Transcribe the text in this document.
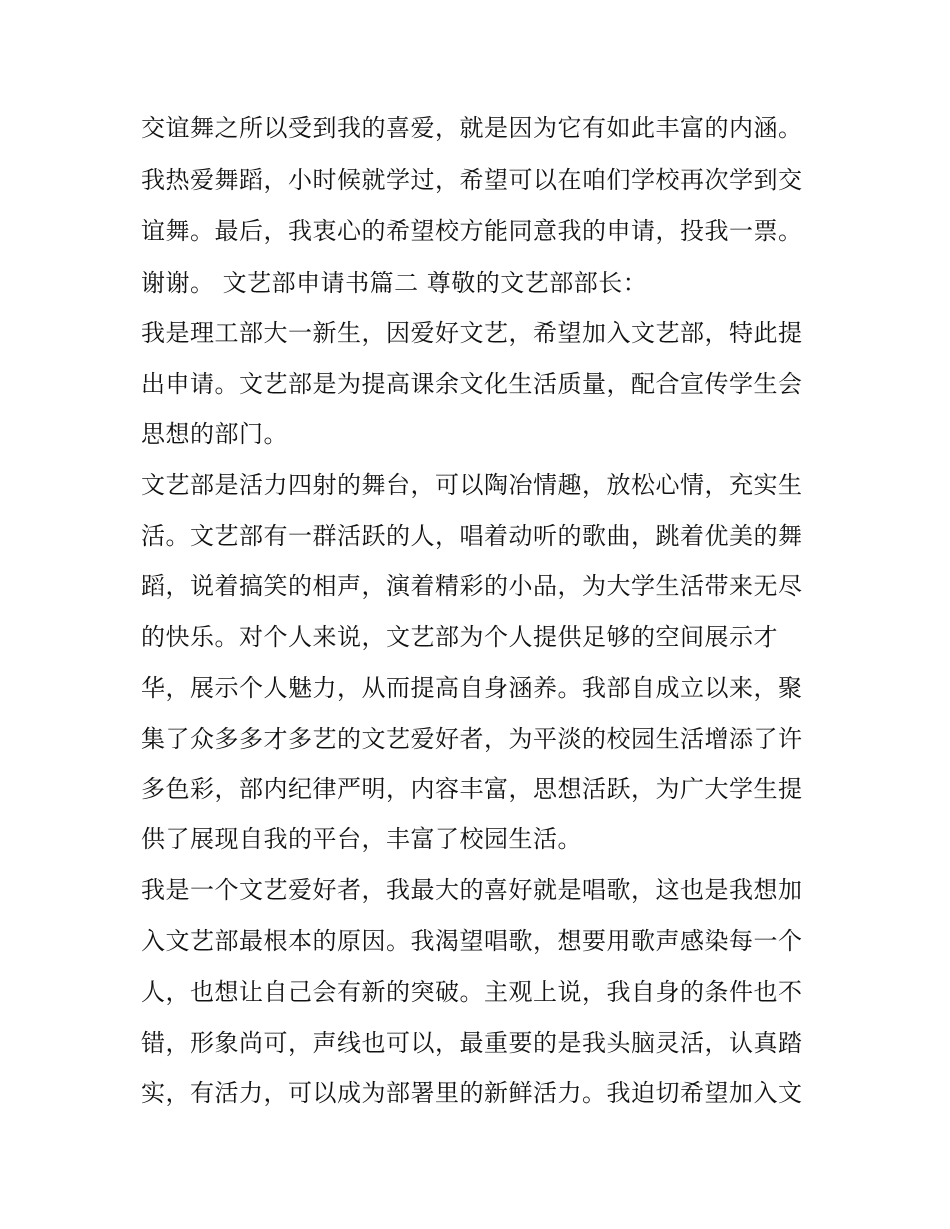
交谊舞之所以受到我的喜爱，就是因为它有如此丰富的内涵。
我热爱舞蹈，小时候就学过，希望可以在咱们学校再次学到交
谊舞。最后，我衷心的希望校方能同意我的申请，投我一票。
谢谢。 文艺部申请书篇二 尊敬的文艺部部长：
我是理工部大一新生，因爱好文艺，希望加入文艺部，特此提
出申请。文艺部是为提高课余文化生活质量，配合宣传学生会
思想的部门。
文艺部是活力四射的舞台，可以陶冶情趣，放松心情，充实生
活。文艺部有一群活跃的人，唱着动听的歌曲，跳着优美的舞
蹈，说着搞笑的相声，演着精彩的小品，为大学生活带来无尽
的快乐。对个人来说，文艺部为个人提供足够的空间展示才
华，展示个人魅力，从而提高自身涵养。我部自成立以来，聚
集了众多多才多艺的文艺爱好者，为平淡的校园生活增添了许
多色彩，部内纪律严明，内容丰富，思想活跃，为广大学生提
供了展现自我的平台，丰富了校园生活。
我是一个文艺爱好者，我最大的喜好就是唱歌，这也是我想加
入文艺部最根本的原因。我渴望唱歌，想要用歌声感染每一个
人，也想让自己会有新的突破。主观上说，我自身的条件也不
错，形象尚可，声线也可以，最重要的是我头脑灵活，认真踏
实，有活力，可以成为部署里的新鲜活力。我迫切希望加入文
